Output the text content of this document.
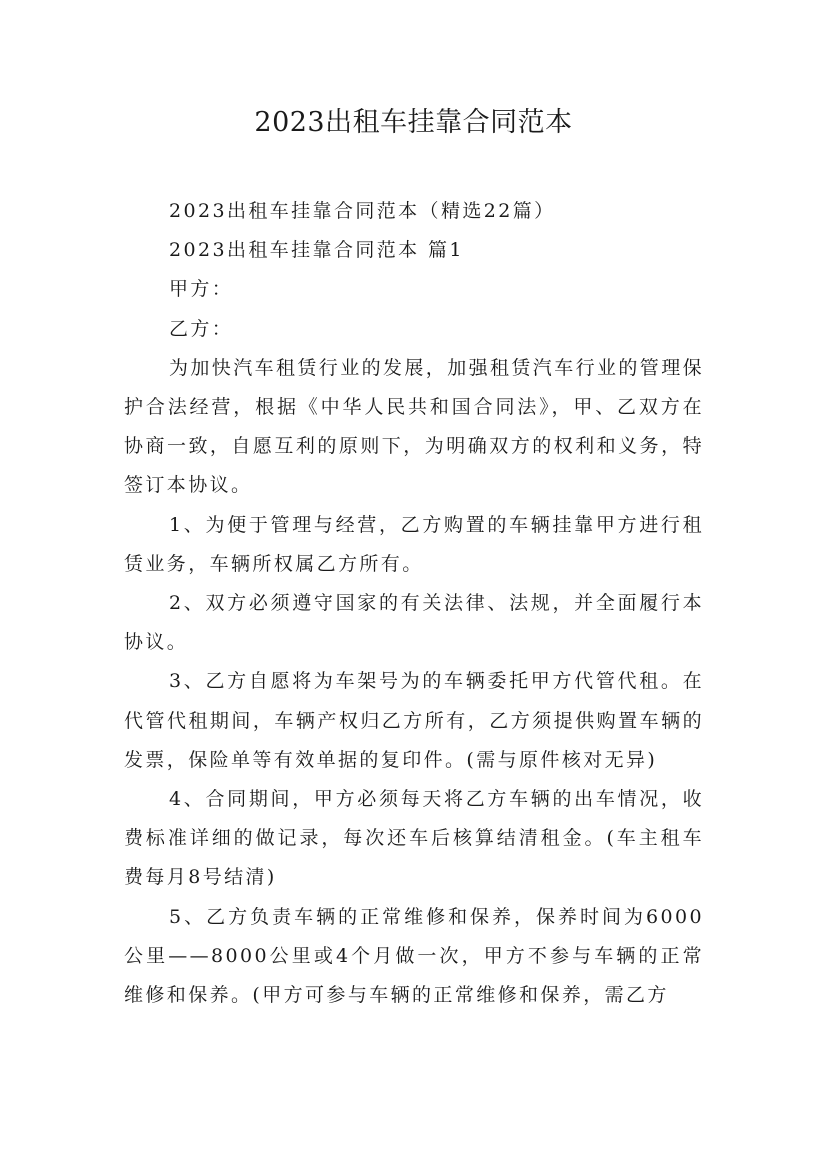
2023出租车挂靠合同范本

2023出租车挂靠合同范本（精选22篇）

2023出租车挂靠合同范本 篇1

甲方：

乙方：

为加快汽车租赁行业的发展，加强租赁汽车行业的管理保护合法经营，根据《中华人民共和国合同法》，甲、乙双方在协商一致，自愿互利的原则下，为明确双方的权利和义务，特签订本协议。

1、为便于管理与经营，乙方购置的车辆挂靠甲方进行租赁业务，车辆所权属乙方所有。

2、双方必须遵守国家的有关法律、法规，并全面履行本协议。

3、乙方自愿将为车架号为的车辆委托甲方代管代租。在代管代租期间，车辆产权归乙方所有，乙方须提供购置车辆的发票，保险单等有效单据的复印件。(需与原件核对无异)

4、合同期间，甲方必须每天将乙方车辆的出车情况，收费标准详细的做记录，每次还车后核算结清租金。(车主租车费每月8号结清)

5、乙方负责车辆的正常维修和保养，保养时间为6000公里——8000公里或4个月做一次，甲方不参与车辆的正常维修和保养。(甲方可参与车辆的正常维修和保养，需乙方
